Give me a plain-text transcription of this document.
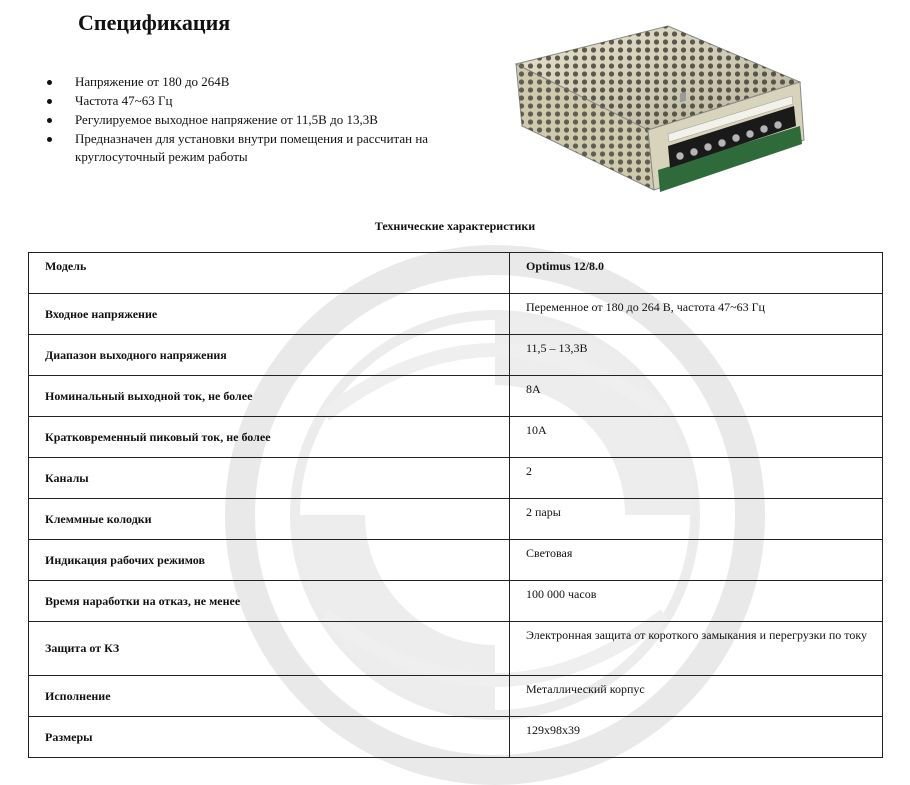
Спецификация
Напряжение от 180 до 264В
Частота 47~63 Гц
Регулируемое выходное напряжение от 11,5В до 13,3В
Предназначен для установки внутри помещения и рассчитан на круглосуточный режим работы
Технические характеристики
Модель	Optimus 12/8.0
Входное напряжение	Переменное от 180 до 264 В, частота 47~63 Гц
Диапазон выходного напряжения	11,5 – 13,3В
Номинальный выходной ток, не более	8А
Кратковременный пиковый ток, не более	10А
Каналы	2
Клеммные колодки	2 пары
Индикация рабочих режимов	Световая
Время наработки на отказ, не менее	100 000 часов
Защита от КЗ	Электронная защита от короткого замыкания и перегрузки по току
Исполнение	Металлический корпус
Размеры	129х98х39
